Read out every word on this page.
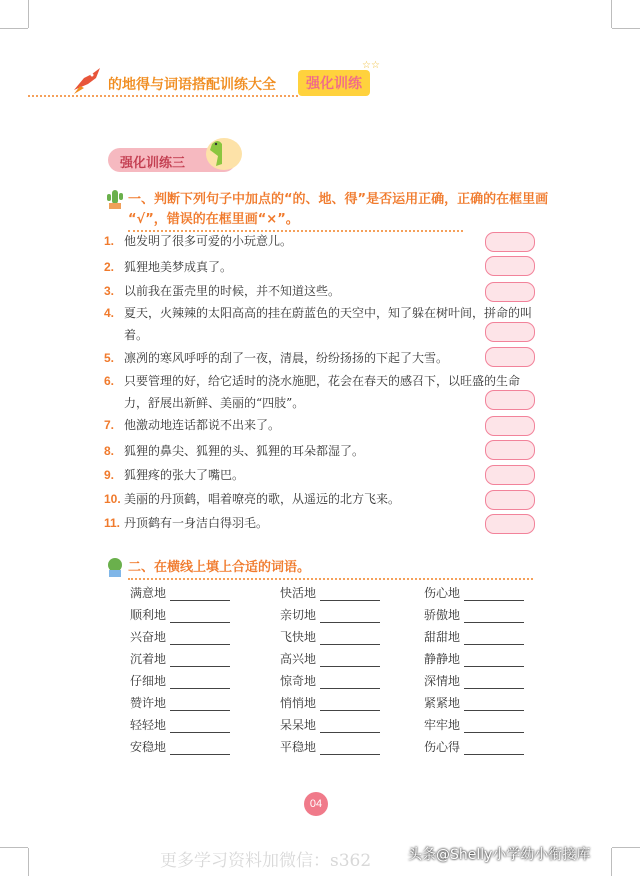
的地得与词语搭配训练大全	强化训练
☆☆
强化训练三
一、判断下列句子中加点的“的、地、得”是否运用正确，正确的在框里画
“√”，错误的在框里画“×”。
1. 他发明了很多可爱的小玩意儿。
2. 狐狸地美梦成真了。
3. 以前我在蛋壳里的时候，并不知道这些。
4. 夏天，火辣辣的太阳高高的挂在蔚蓝色的天空中，知了躲在树叶间，拼命的叫着。
5. 凛冽的寒风呼呼的刮了一夜，清晨，纷纷扬扬的下起了大雪。
6. 只要管理的好，给它适时的浇水施肥，花会在春天的感召下，以旺盛的生命力，舒展出新鲜、美丽的“四肢”。
7. 他激动地连话都说不出来了。
8. 狐狸的鼻尖、狐狸的头、狐狸的耳朵都湿了。
9. 狐狸疼的张大了嘴巴。
10. 美丽的丹顶鹤，唱着嘹亮的歌，从遥远的北方飞来。
11. 丹顶鹤有一身洁白得羽毛。
二、在横线上填上合适的词语。
满意地
顺利地
兴奋地
沉着地
仔细地
赞许地
轻轻地
安稳地
快活地
亲切地
飞快地
高兴地
惊奇地
悄悄地
呆呆地
平稳地
伤心地
骄傲地
甜甜地
静静地
深情地
紧紧地
牢牢地
伤心得
04
更多学习资料加微信：s362	头条@Shelly小学幼小衔接库
